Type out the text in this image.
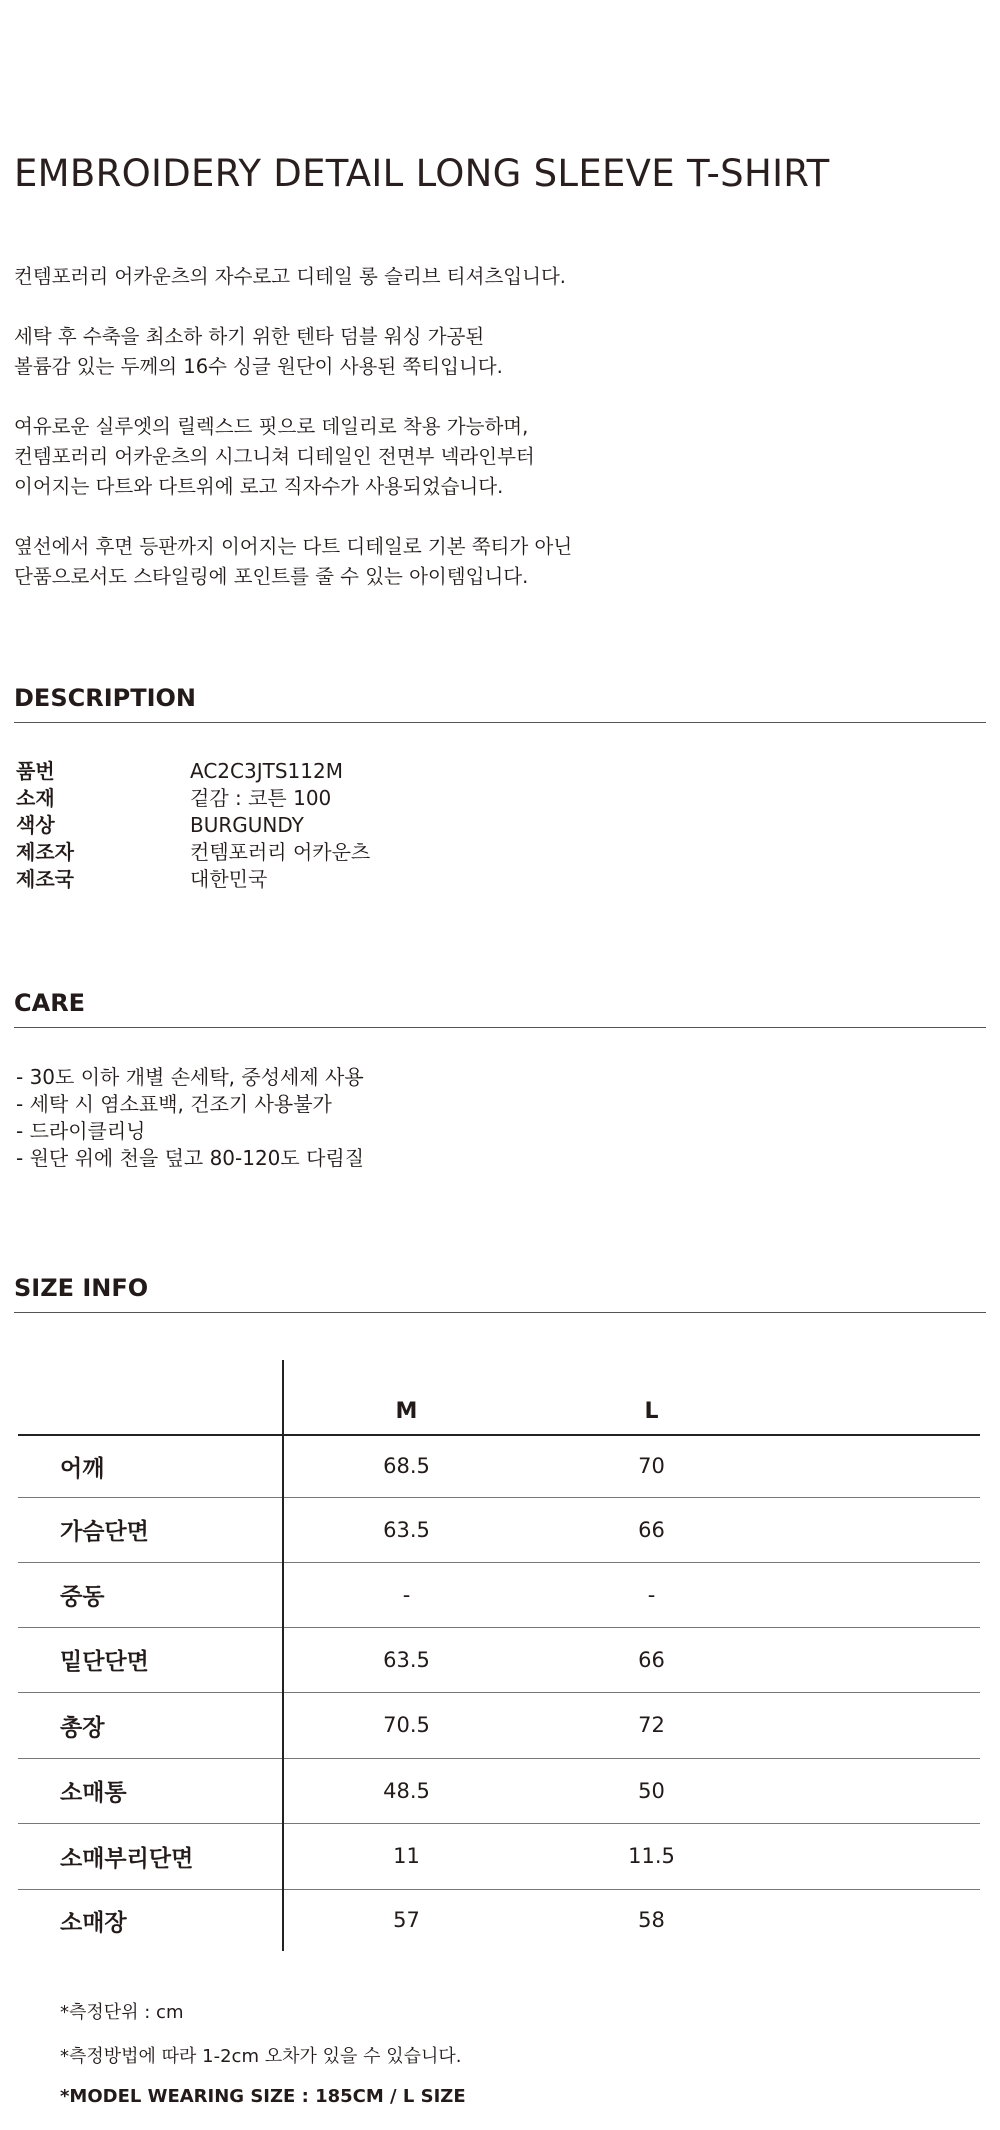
EMBROIDERY DETAIL LONG SLEEVE T-SHIRT

컨템포러리 어카운츠의 자수로고 디테일 롱 슬리브 티셔츠입니다.

세탁 후 수축을 최소하 하기 위한 텐타 덤블 워싱 가공된
볼륨감 있는 두께의 16수 싱글 원단이 사용된 쭉티입니다.

여유로운 실루엣의 릴렉스드 핏으로 데일리로 착용 가능하며,
컨템포러리 어카운츠의 시그니쳐 디테일인 전면부 넥라인부터
이어지는 다트와 다트위에 로고 직자수가 사용되었습니다.

옆선에서 후면 등판까지 이어지는 다트 디테일로 기본 쭉티가 아닌
단품으로서도 스타일링에 포인트를 줄 수 있는 아이템입니다.

DESCRIPTION
품번	AC2C3JTS112M
소재	겉감 : 코튼 100
색상	BURGUNDY
제조자	컨템포러리 어카운츠
제조국	대한민국
CARE
- 30도 이하 개별 손세탁, 중성세제 사용
- 세탁 시 염소표백, 건조기 사용불가
- 드라이클리닝
- 원단 위에 천을 덮고 80-120도 다림질
SIZE INFO
	M	L	
어깨	68.5	70	
가슴단면	63.5	66	
중동	-	-	
밑단단면	63.5	66	
총장	70.5	72	
소매통	48.5	50	
소매부리단면	11	11.5	
소매장	57	58	
*측정단위 : cm
*측정방법에 따라 1-2cm 오차가 있을 수 있습니다.
*MODEL WEARING SIZE : 185CM / L SIZE
